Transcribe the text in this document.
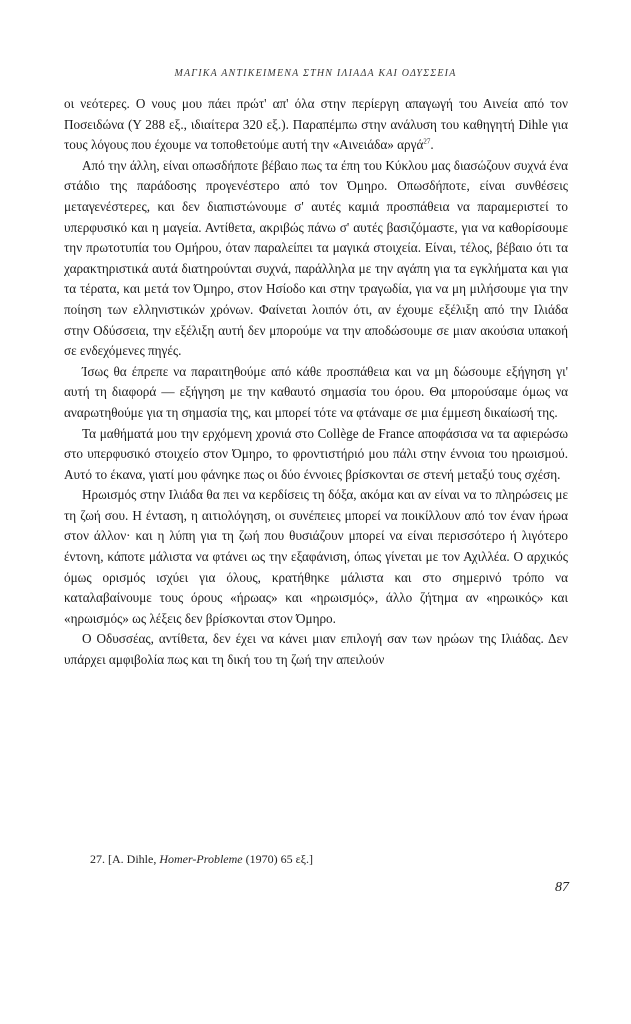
ΜΑΓΙΚΑ ΑΝΤΙΚΕΙΜΕΝΑ ΣΤΗΝ ΙΛΙΑΔΑ ΚΑΙ ΟΔΥΣΣΕΙΑ

οι νεότερες. Ο νους μου πάει πρώτ' απ' όλα στην περίεργη απαγωγή του Αινεία από τον Ποσειδώνα (Υ 288 εξ., ιδιαίτερα 320 εξ.). Παραπέμπω στην ανάλυση του καθηγητή Dihle για τους λόγους που έχουμε να τοποθετούμε αυτή την «Αινειάδα» αργά$^{27}$.

Από την άλλη, είναι οπωσδήποτε βέβαιο πως τα έπη του Κύκλου μας διασώζουν συχνά ένα στάδιο της παράδοσης προγενέστερο από τον Όμηρο. Οπωσδήποτε, είναι συνθέσεις μεταγενέστερες, και δεν διαπιστώνουμε σ' αυτές καμιά προσπάθεια να παραμεριστεί το υπερφυσικό και η μαγεία. Αντίθετα, ακριβώς πάνω σ' αυτές βασιζόμαστε, για να καθορίσουμε την πρωτοτυπία του Ομήρου, όταν παραλείπει τα μαγικά στοιχεία. Είναι, τέλος, βέβαιο ότι τα χαρακτηριστικά αυτά διατηρούνται συχνά, παράλληλα με την αγάπη για τα εγκλήματα και για τα τέρατα, και μετά τον Όμηρο, στον Ησίοδο και στην τραγωδία, για να μη μιλήσουμε για την ποίηση των ελληνιστικών χρόνων. Φαίνεται λοιπόν ότι, αν έχουμε εξέλιξη από την Ιλιάδα στην Οδύσσεια, την εξέλιξη αυτή δεν μπορούμε να την αποδώσουμε σε μιαν ακούσια υπακοή σε ενδεχόμενες πηγές.

Ίσως θα έπρεπε να παραιτηθούμε από κάθε προσπάθεια και να μη δώσουμε εξήγηση γι' αυτή τη διαφορά — εξήγηση με την καθαυτό σημασία του όρου. Θα μπορούσαμε όμως να αναρωτηθούμε για τη σημασία της, και μπορεί τότε να φτάναμε σε μια έμμεση δικαίωσή της.

Τα μαθήματά μου την ερχόμενη χρονιά στο Collège de France αποφάσισα να τα αφιερώσω στο υπερφυσικό στοιχείο στον Όμηρο, το φροντιστήριό μου πάλι στην έννοια του ηρωισμού. Αυτό το έκανα, γιατί μου φάνηκε πως οι δύο έννοιες βρίσκονται σε στενή μεταξύ τους σχέση.

Ηρωισμός στην Ιλιάδα θα πει να κερδίσεις τη δόξα, ακόμα και αν είναι να το πληρώσεις με τη ζωή σου. Η ένταση, η αιτιολόγηση, οι συνέπειες μπορεί να ποικίλλουν από τον έναν ήρωα στον άλλον· και η λύπη για τη ζωή που θυσιάζουν μπορεί να είναι περισσότερο ή λιγότερο έντονη, κάποτε μάλιστα να φτάνει ως την εξαφάνιση, όπως γίνεται με τον Αχιλλέα. Ο αρχικός όμως ορισμός ισχύει για όλους, κρατήθηκε μάλιστα και στο σημερινό τρόπο να καταλαβαίνουμε τους όρους «ήρωας» και «ηρωισμός», άλλο ζήτημα αν «ηρωικός» και «ηρωισμός» ως λέξεις δεν βρίσκονται στον Όμηρο.

Ο Οδυσσέας, αντίθετα, δεν έχει να κάνει μιαν επιλογή σαν των ηρώων της Ιλιάδας. Δεν υπάρχει αμφιβολία πως και τη δική του τη ζωή την απειλούν

27. [A. Dihle, Homer-Probleme (1970) 65 εξ.]
87
